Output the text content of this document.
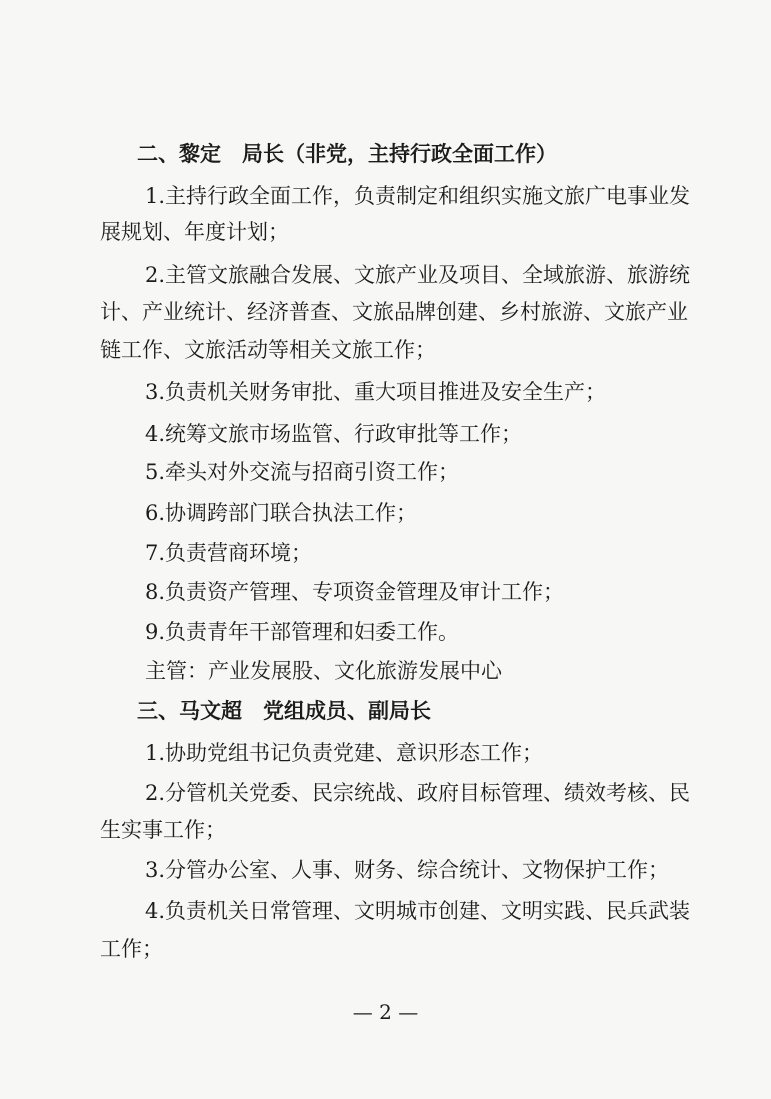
二、黎定　局长（非党，主持行政全面工作）
1.主持行政全面工作，负责制定和组织实施文旅广电事业发
展规划、年度计划；
2.主管文旅融合发展、文旅产业及项目、全域旅游、旅游统
计、产业统计、经济普查、文旅品牌创建、乡村旅游、文旅产业
链工作、文旅活动等相关文旅工作；
3.负责机关财务审批、重大项目推进及安全生产；
4.统筹文旅市场监管、行政审批等工作；
5.牵头对外交流与招商引资工作；
6.协调跨部门联合执法工作；
7.负责营商环境；
8.负责资产管理、专项资金管理及审计工作；
9.负责青年干部管理和妇委工作。
主管：产业发展股、文化旅游发展中心
三、马文超　党组成员、副局长
1.协助党组书记负责党建、意识形态工作；
2.分管机关党委、民宗统战、政府目标管理、绩效考核、民
生实事工作；
3.分管办公室、人事、财务、综合统计、文物保护工作；
4.负责机关日常管理、文明城市创建、文明实践、民兵武装
工作；
— 2 —
